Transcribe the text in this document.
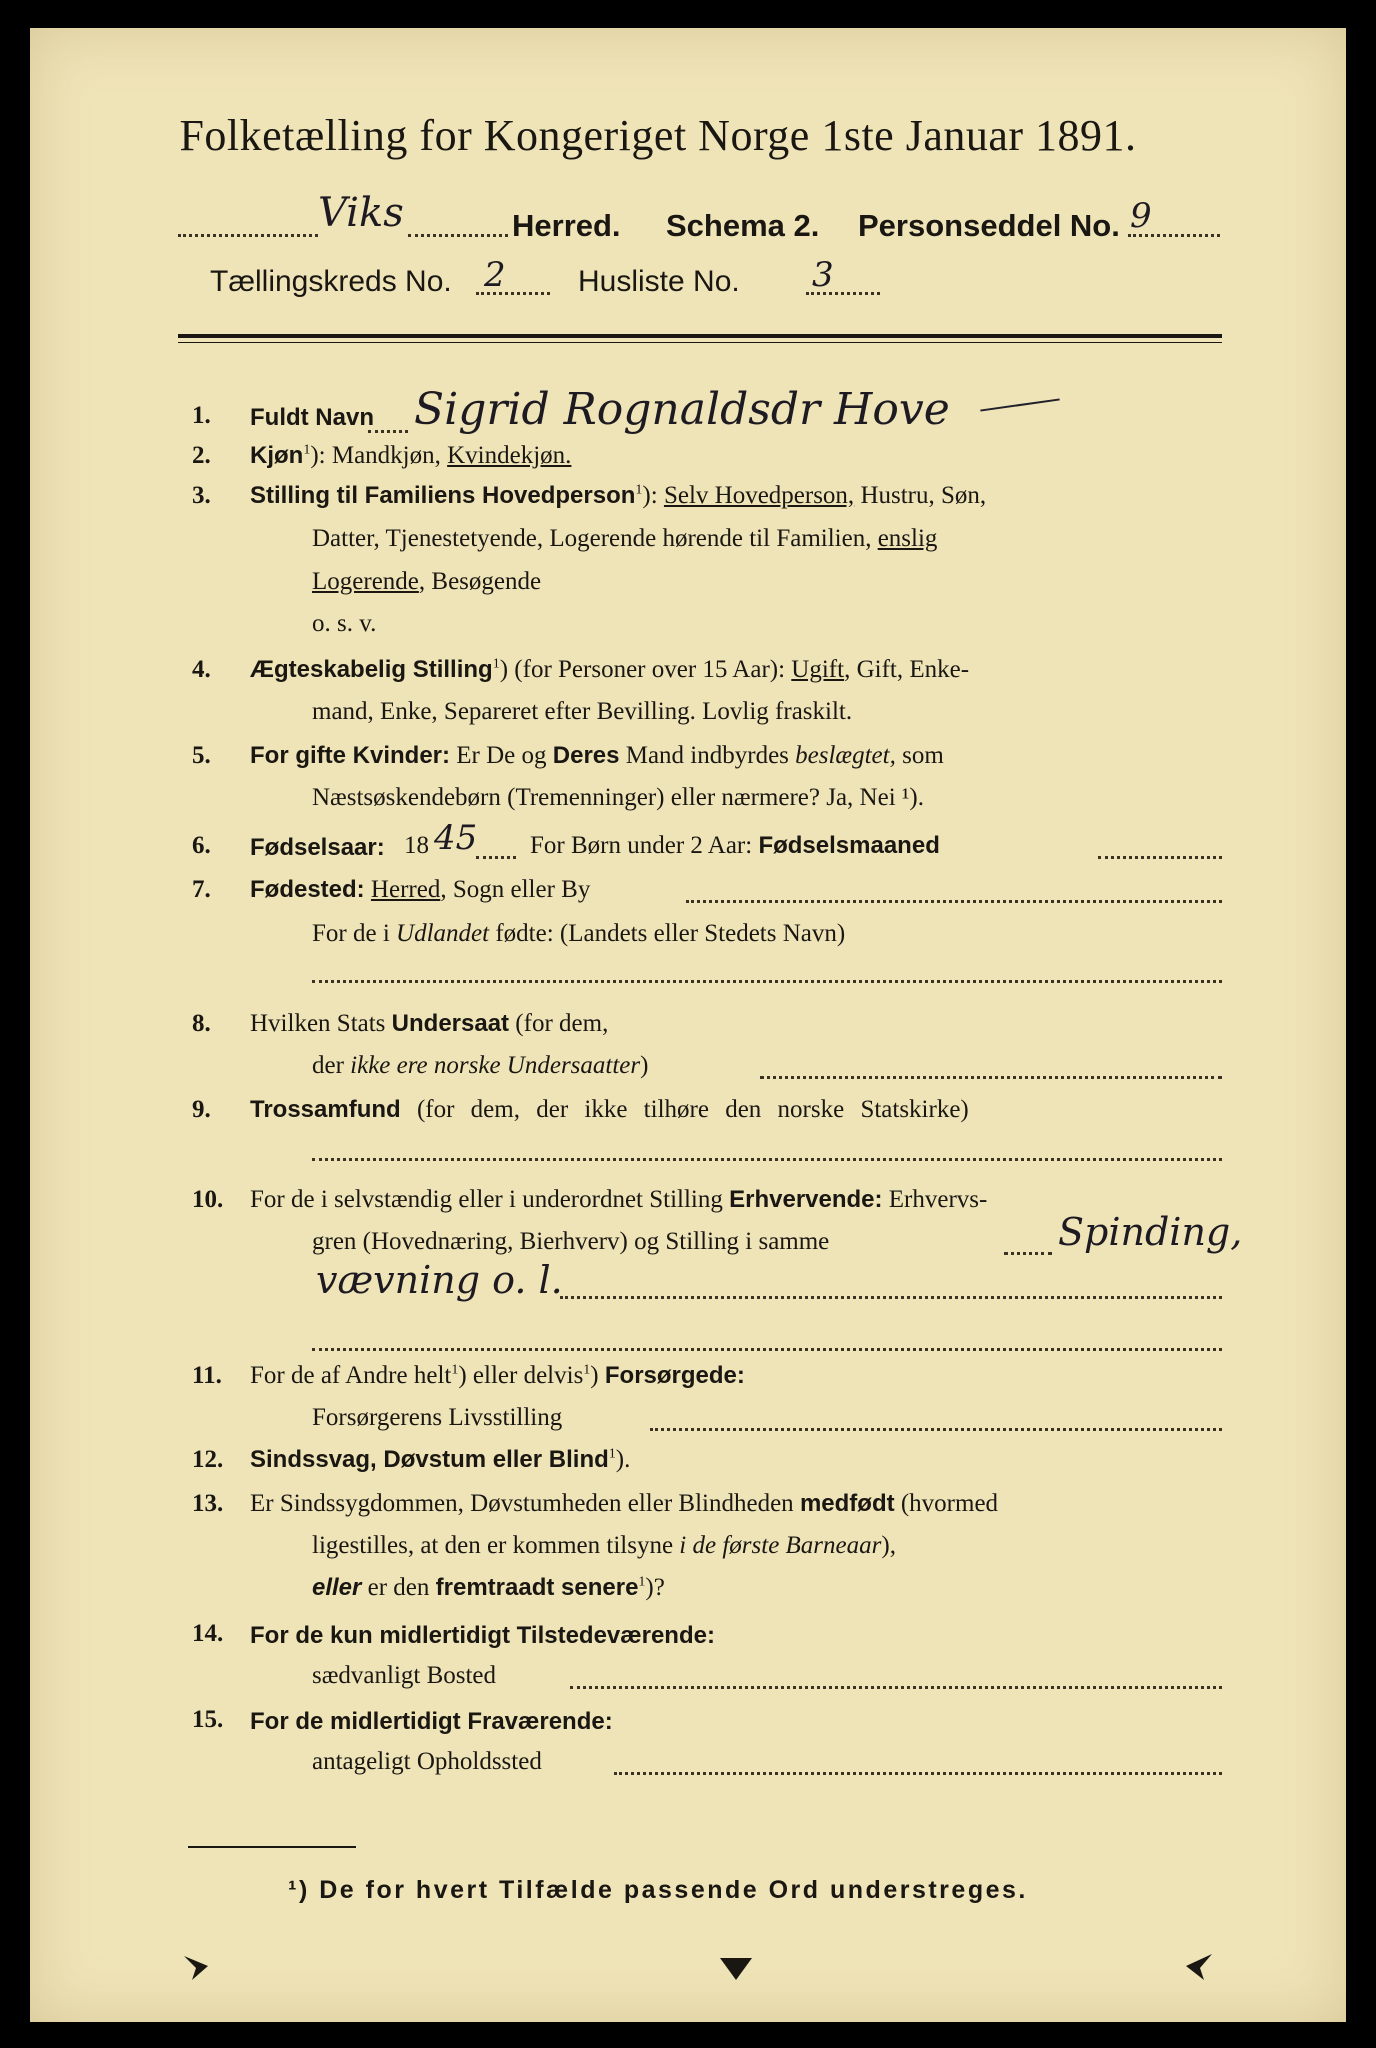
Folketælling for Kongeriget Norge 1ste Januar 1891.
Viks	Herred. Schema 2. Personseddel No. 9
Tællingskreds No. 2 Husliste No. 3
1. Fuldt Navn Sigrid Rognaldsdr Hove
2. Kjøn$^1$): Mandkjøn, Kvindekjøn.
3. Stilling til Familiens Hovedperson$^1$): Selv Hovedperson, Hustru, Søn,
Datter, Tjenestetyende, Logerende hørende til Familien, enslig
Logerende, Besøgende
o. s. v.
4. Ægteskabelig Stilling$^1$) (for Personer over 15 Aar): Ugift, Gift, Enke-
mand, Enke, Separeret efter Bevilling. Lovlig fraskilt.
5. For gifte Kvinder: Er De og Deres Mand indbyrdes beslægtet, som
Næstsøskendebørn (Tremenninger) eller nærmere? Ja, Nei ¹).
6. Fødselsaar: 18 45 For Børn under 2 Aar: Fødselsmaaned
7. Fødested: Herred, Sogn eller By
For de i Udlandet fødte: (Landets eller Stedets Navn)
8. Hvilken Stats Undersaat (for dem,
der ikke ere norske Undersaatter)
9. Trossamfund (for dem, der ikke tilhøre den norske Statskirke)
10. For de i selvstændig eller i underordnet Stilling Erhvervende: Erhvervs-
gren (Hovednæring, Bierhverv) og Stilling i samme	Spinding,
vævning o. l.
11. For de af Andre helt$^1$) eller delvis$^1$) Forsørgede:
Forsørgerens Livsstilling
12. Sindssvag, Døvstum eller Blind$^1$).
13. Er Sindssygdommen, Døvstumheden eller Blindheden medfødt (hvormed
ligestilles, at den er kommen tilsyne i de første Barneaar),
eller er den fremtraadt senere$^1$)?
14. For de kun midlertidigt Tilstedeværende:
sædvanligt Bosted
15. For de midlertidigt Fraværende:
antageligt Opholdssted
¹) De for hvert Tilfælde passende Ord understreges.
